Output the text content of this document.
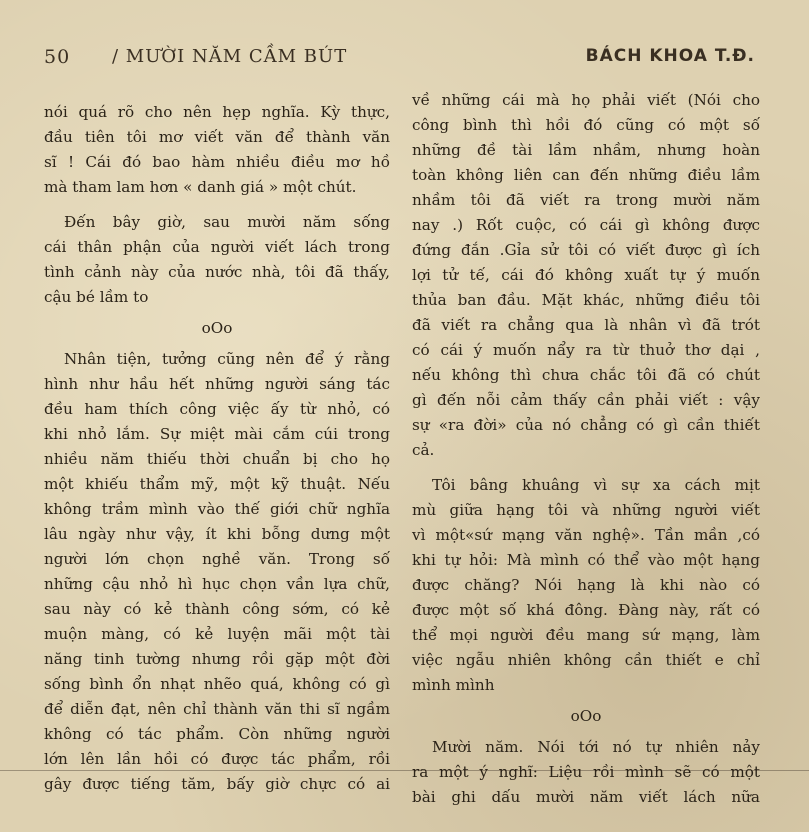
50 / MƯỜI NĂM CẦM BÚT	BÁCH KHOA T.Đ.
nói quá rõ cho nên hẹp nghĩa. Kỳ thực,
đầu tiên tôi mơ viết văn để thành văn
sĩ ! Cái đó bao hàm nhiều điều mơ hồ
mà tham lam hơn « danh giá » một chút.
Đến bây giờ, sau mười năm sống
cái thân phận của người viết lách trong
tình cảnh này của nước nhà, tôi đã thấy,
cậu bé lầm to
oOo
Nhân tiện, tưởng cũng nên để ý rằng
hình như hầu hết những người sáng tác
đều ham thích công việc ấy từ nhỏ, có
khi nhỏ lắm. Sự miệt mài cắm cúi trong
nhiều năm thiếu thời chuẩn bị cho họ
một khiếu thẩm mỹ, một kỹ thuật. Nếu
không trầm mình vào thế giới chữ nghĩa
lâu ngày như vậy, ít khi bỗng dưng một
người lớn chọn nghề văn. Trong số
những cậu nhỏ hì hục chọn vần lựa chữ,
sau này có kẻ thành công sớm, có kẻ
muộn màng, có kẻ luyện mãi một tài
năng tinh tường nhưng rồi gặp một đời
sống bình ổn nhạt nhẽo quá, không có gì
để diễn đạt, nên chỉ thành văn thi sĩ ngầm
không có tác phẩm. Còn những người
lớn lên lần hồi có được tác phẩm, rồi
gây được tiếng tăm, bấy giờ chực có ai
về những cái mà họ phải viết (Nói cho
công bình thì hồi đó cũng có một số
những đề tài lầm nhầm, nhưng hoàn
toàn không liên can đến những điều lầm
nhầm tôi đã viết ra trong mười năm
nay .) Rốt cuộc, có cái gì không được
đứng đắn .Gỉa sử tôi có viết được gì ích
lợi tử tế, cái đó không xuất tự ý muốn
thủa ban đầu. Mặt khác, những điều tôi
đã viết ra chẳng qua là nhân vì đã trót
có cái ý muốn nẩy ra từ thuở thơ dại ,
nếu không thì chưa chắc tôi đã có chút
gì đến nỗi cảm thấy cần phải viết : vậy
sự «ra đời» của nó chẳng có gì cần thiết
cả.
Tôi bâng khuâng vì sự xa cách mịt
mù giữa hạng tôi và những người viết
vì một«sứ mạng văn nghệ». Tần mần ,có
khi tự hỏi: Mà mình có thể vào một hạng
được chăng? Nói hạng là khi nào có
được một số khá đông. Đàng này, rất có
thể mọi người đều mang sứ mạng, làm
việc ngẫu nhiên không cần thiết e chỉ
mình mình
oOo
Mười năm. Nói tới nó tự nhiên nảy
ra một ý nghĩ: Liệu rồi mình sẽ có một
bài ghi dấu mười năm viết lách nữa
